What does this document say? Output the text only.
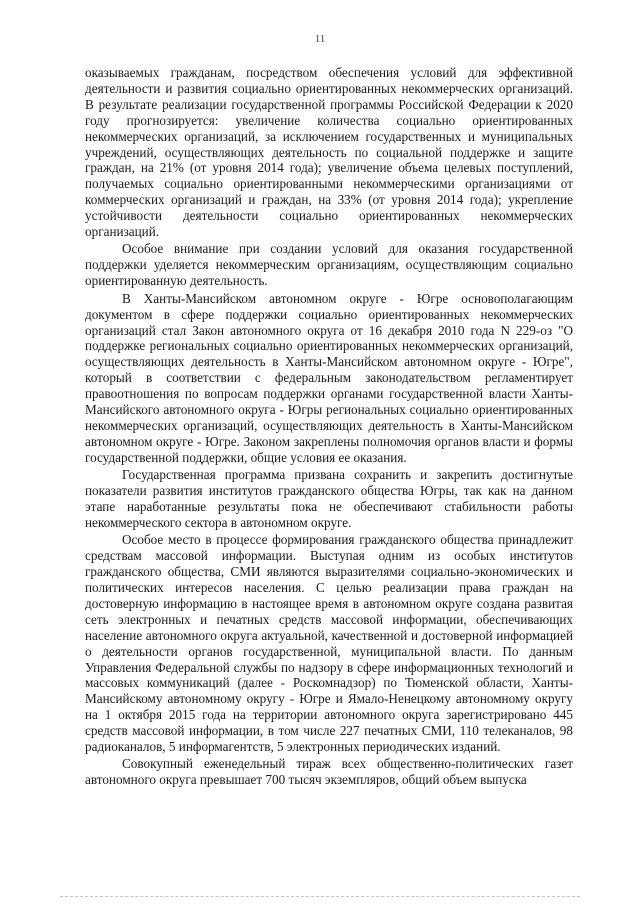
11

оказываемых гражданам, посредством обеспечения условий для эффективной деятельности и развития социально ориентированных некоммерческих организаций. В результате реализации государственной программы Российской Федерации к 2020 году прогнозируется: увеличение количества социально ориентированных некоммерческих организаций, за исключением государственных и муниципальных учреждений, осуществляющих деятельность по социальной поддержке и защите граждан, на 21% (от уровня 2014 года); увеличение объема целевых поступлений, получаемых социально ориентированными некоммерческими организациями от коммерческих организаций и граждан, на 33% (от уровня 2014 года); укрепление устойчивости деятельности социально ориентированных некоммерческих организаций.

Особое внимание при создании условий для оказания государственной поддержки уделяется некоммерческим организациям, осуществляющим социально ориентированную деятельность.

В Ханты-Мансийском автономном округе - Югре основополагающим документом в сфере поддержки социально ориентированных некоммерческих организаций стал Закон автономного округа от 16 декабря 2010 года N 229-оз "О поддержке региональных социально ориентированных некоммерческих организаций, осуществляющих деятельность в Ханты-Мансийском автономном округе - Югре", который в соответствии с федеральным законодательством регламентирует правоотношения по вопросам поддержки органами государственной власти Ханты-Мансийского автономного округа - Югры региональных социально ориентированных некоммерческих организаций, осуществляющих деятельность в Ханты-Мансийском автономном округе - Югре. Законом закреплены полномочия органов власти и формы государственной поддержки, общие условия ее оказания.

Государственная программа призвана сохранить и закрепить достигнутые показатели развития институтов гражданского общества Югры, так как на данном этапе наработанные результаты пока не обеспечивают стабильности работы некоммерческого сектора в автономном округе.

Особое место в процессе формирования гражданского общества принадлежит средствам массовой информации. Выступая одним из особых институтов гражданского общества, СМИ являются выразителями социально-экономических и политических интересов населения. С целью реализации права граждан на достоверную информацию в настоящее время в автономном округе создана развитая сеть электронных и печатных средств массовой информации, обеспечивающих население автономного округа актуальной, качественной и достоверной информацией о деятельности органов государственной, муниципальной власти. По данным Управления Федеральной службы по надзору в сфере информационных технологий и массовых коммуникаций (далее - Роскомнадзор) по Тюменской области, Ханты-Мансийскому автономному округу - Югре и Ямало-Ненецкому автономному округу на 1 октября 2015 года на территории автономного округа зарегистрировано 445 средств массовой информации, в том числе 227 печатных СМИ, 110 телеканалов, 98 радиоканалов, 5 информагентств, 5 электронных периодических изданий.

Совокупный еженедельный тираж всех общественно-политических газет автономного округа превышает 700 тысяч экземпляров, общий объем выпуска
